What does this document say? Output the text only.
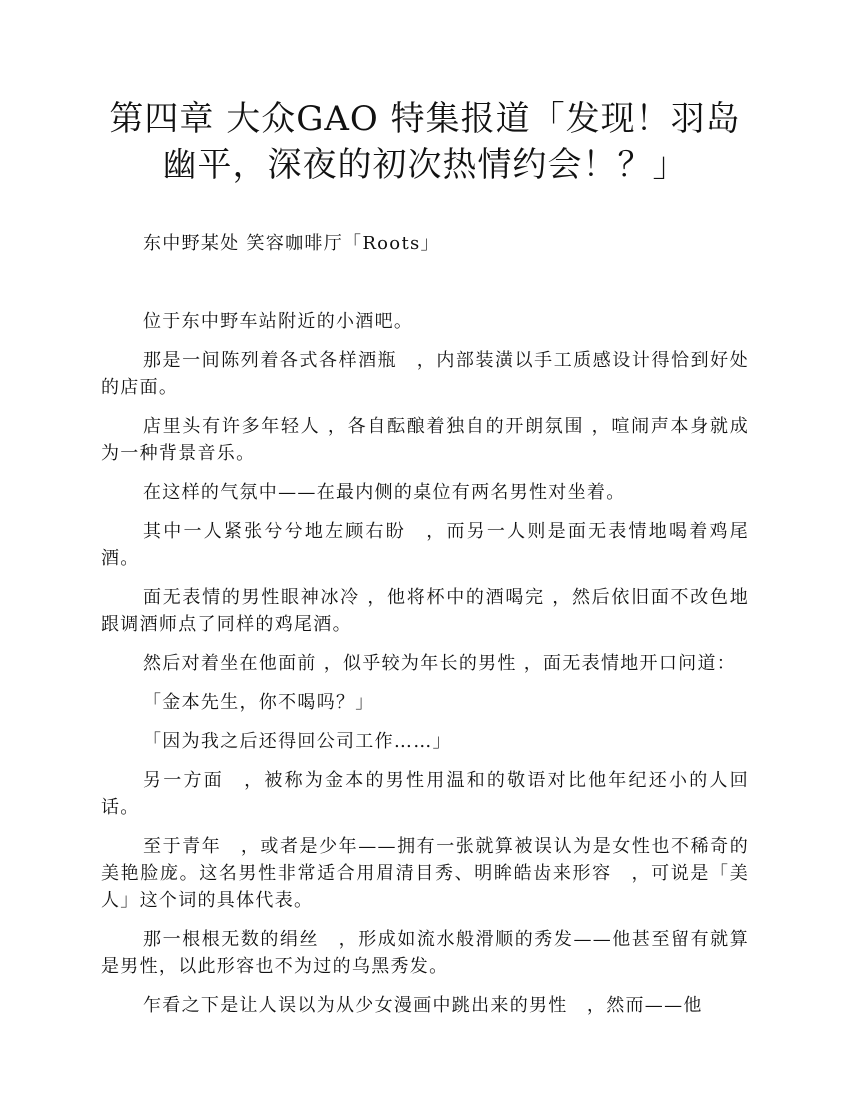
第四章 大众GAO 特集报道「发现！羽岛幽平，深夜的初次热情约会！？」

东中野某处 笑容咖啡厅「Roots」

位于东中野车站附近的小酒吧。

那是一间陈列着各式各样酒瓶　，内部装潢以手工质感设计得恰到好处的店面。

店里头有许多年轻人 ，各自酝酿着独自的开朗氛围 ，喧闹声本身就成为一种背景音乐。

在这样的气氛中——在最内侧的桌位有两名男性对坐着。

其中一人紧张兮兮地左顾右盼　，而另一人则是面无表情地喝着鸡尾酒。

面无表情的男性眼神冰冷 ，他将杯中的酒喝完 ，然后依旧面不改色地跟调酒师点了同样的鸡尾酒。

然后对着坐在他面前 ，似乎较为年长的男性 ，面无表情地开口问道：

「金本先生，你不喝吗？」

「因为我之后还得回公司工作……」

另一方面　，被称为金本的男性用温和的敬语对比他年纪还小的人回话。

至于青年　，或者是少年——拥有一张就算被误认为是女性也不稀奇的美艳脸庞。这名男性非常适合用眉清目秀、明眸皓齿来形容　，可说是「美人」这个词的具体代表。

那一根根无数的绢丝　，形成如流水般滑顺的秀发——他甚至留有就算是男性，以此形容也不为过的乌黑秀发。

乍看之下是让人误以为从少女漫画中跳出来的男性　，然而——他
